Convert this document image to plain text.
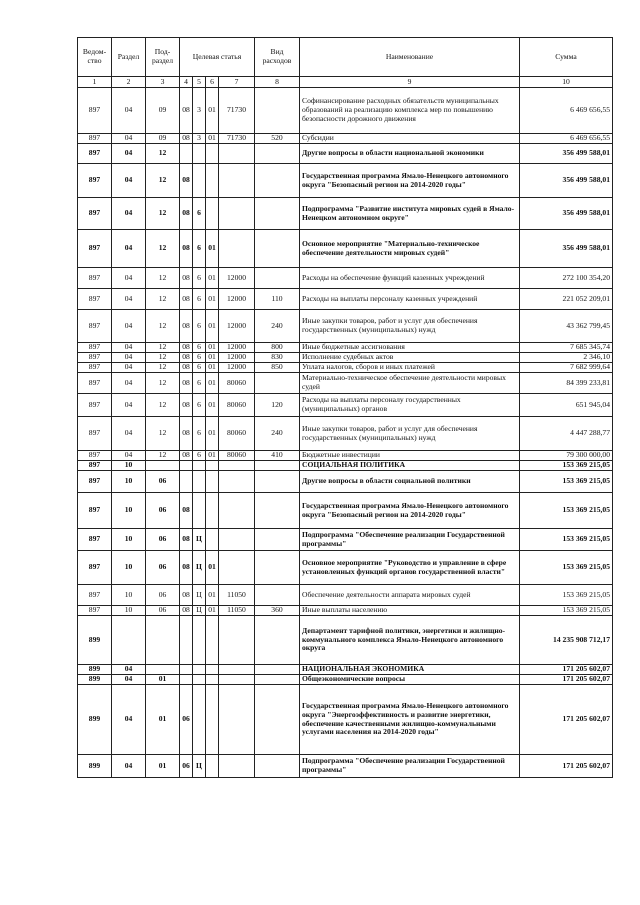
Ведом-ство	Раздел	Под-раздел	Целевая статья				Вид расходов	Наименование	Сумма
1	2	3	4	5	6	7	8	9	10
897	04	09	08	3	01	71730		Софинансирование расходных обязательств муниципальных образований на реализацию комплекса мер по повышению безопасности дорожного движения	6 469 656,55
897	04	09	08	3	01	71730	520	Субсидии	6 469 656,55
897	04	12						Другие вопросы в области национальной экономики	356 499 588,01
897	04	12	08					Государственная программа Ямало-Ненецкого автономного округа "Безопасный регион на 2014-2020 годы"	356 499 588,01
897	04	12	08	6				Подпрограмма "Развитие института мировых судей в Ямало-Ненецком автономном округе"	356 499 588,01
897	04	12	08	6	01			Основное мероприятие "Материально-техническое обеспечение деятельности мировых судей"	356 499 588,01
897	04	12	08	6	01	12000		Расходы на обеспечение функций казенных учреждений	272 100 354,20
897	04	12	08	6	01	12000	110	Расходы на выплаты персоналу казенных учреждений	221 052 209,01
897	04	12	08	6	01	12000	240	Иные закупки товаров, работ и услуг для обеспечения государственных (муниципальных) нужд	43 362 799,45
897	04	12	08	6	01	12000	800	Иные бюджетные ассигнования	7 685 345,74
897	04	12	08	6	01	12000	830	Исполнение судебных актов	2 346,10
897	04	12	08	6	01	12000	850	Уплата налогов, сборов и иных платежей	7 682 999,64
897	04	12	08	6	01	80060		Материально-техническое обеспечение деятельности мировых судей	84 399 233,81
897	04	12	08	6	01	80060	120	Расходы на выплаты персоналу государственных (муниципальных) органов	651 945,04
897	04	12	08	6	01	80060	240	Иные закупки товаров, работ и услуг для обеспечения государственных (муниципальных) нужд	4 447 288,77
897	04	12	08	6	01	80060	410	Бюджетные инвестиции	79 300 000,00
897	10							СОЦИАЛЬНАЯ ПОЛИТИКА	153 369 215,05
897	10	06						Другие вопросы в области социальной политики	153 369 215,05
897	10	06	08					Государственная программа Ямало-Ненецкого автономного округа "Безопасный регион на 2014-2020 годы"	153 369 215,05
897	10	06	08	Ц				Подпрограмма "Обеспечение реализации Государственной программы"	153 369 215,05
897	10	06	08	Ц	01			Основное мероприятие "Руководство и управление в сфере установленных функций органов государственной власти"	153 369 215,05
897	10	06	08	Ц	01	11050		Обеспечение деятельности аппарата мировых судей	153 369 215,05
897	10	06	08	Ц	01	11050	360	Иные выплаты населению	153 369 215,05
899								Департамент тарифной политики, энергетики и жилищно-коммунального комплекса Ямало-Ненецкого автономного округа	14 235 908 712,17
899	04							НАЦИОНАЛЬНАЯ ЭКОНОМИКА	171 205 602,07
899	04	01						Общеэкономические вопросы	171 205 602,07
899	04	01	06					Государственная программа Ямало-Ненецкого автономного округа "Энергоэффективность и развитие энергетики, обеспечение качественными жилищно-коммунальными услугами населения на 2014-2020 годы"	171 205 602,07
899	04	01	06	Ц				Подпрограмма "Обеспечение реализации Государственной программы"	171 205 602,07
